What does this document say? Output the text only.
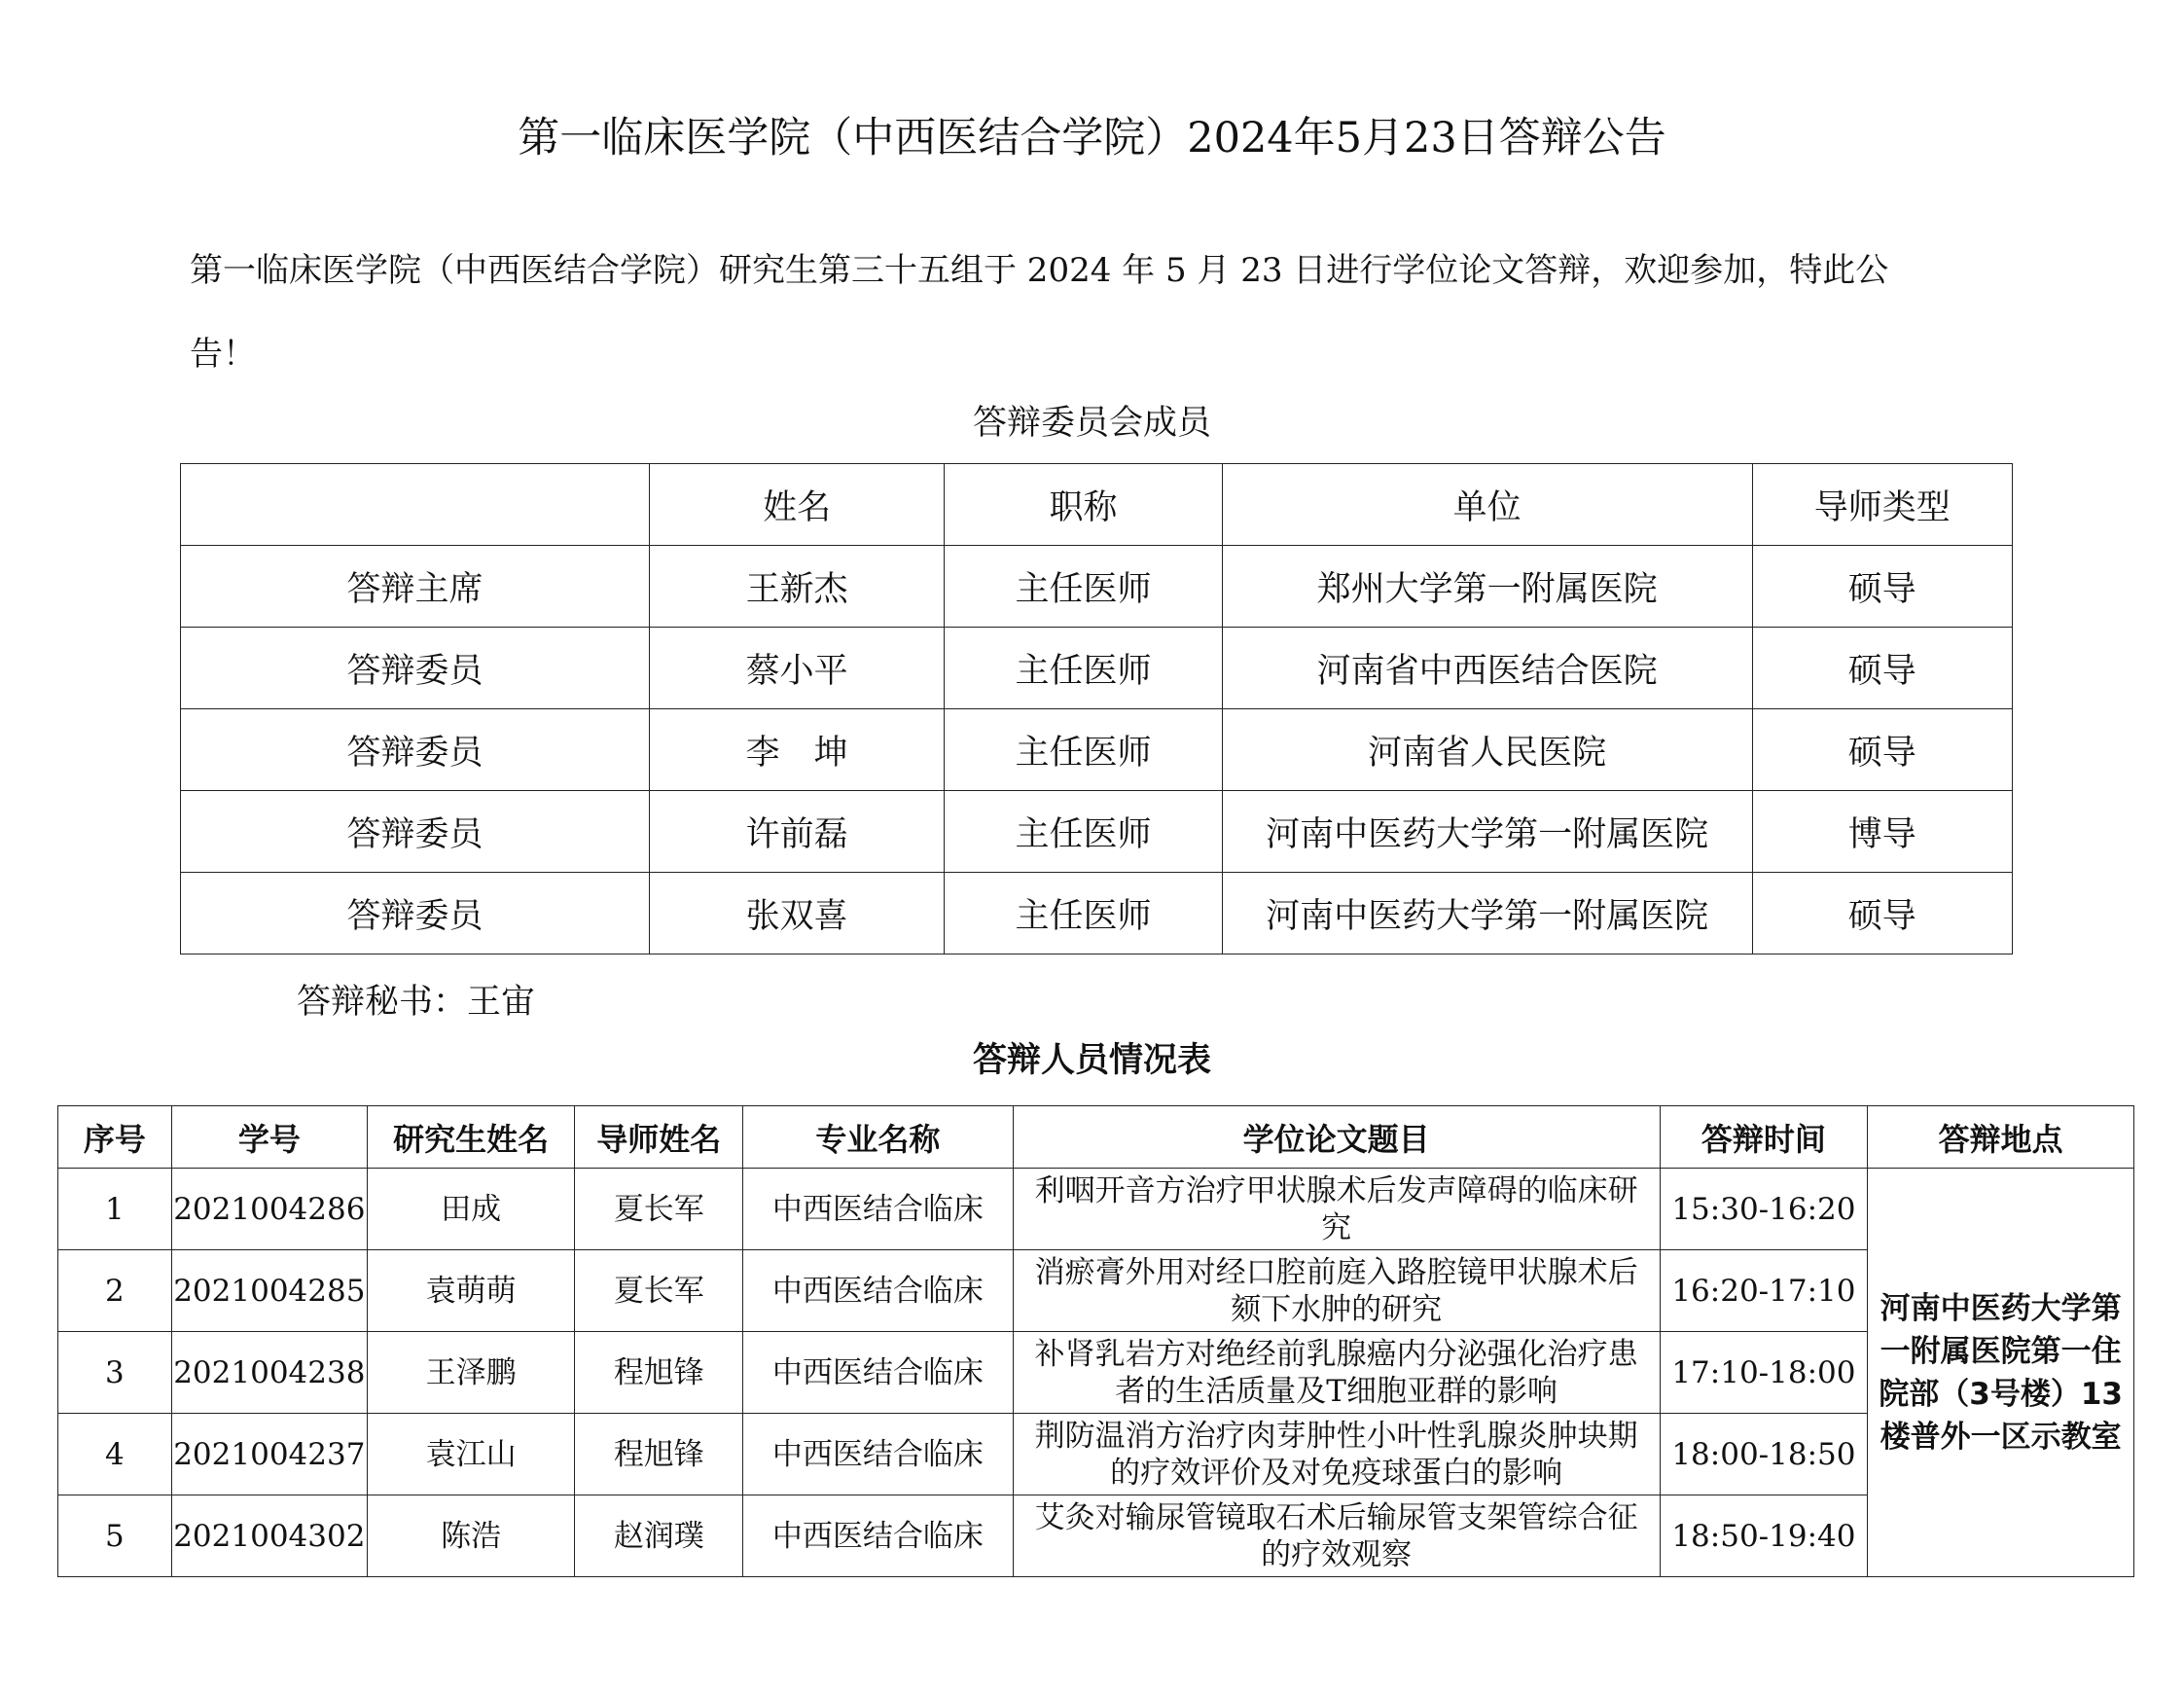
第一临床医学院（中西医结合学院）2024年5月23日答辩公告
第一临床医学院（中西医结合学院）研究生第三十五组于 2024 年 5 月 23 日进行学位论文答辩，欢迎参加，特此公
告！
答辩委员会成员
	姓名	职称	单位	导师类型
答辩主席	王新杰	主任医师	郑州大学第一附属医院	硕导
答辩委员	蔡小平	主任医师	河南省中西医结合医院	硕导
答辩委员	李　坤	主任医师	河南省人民医院	硕导
答辩委员	许前磊	主任医师	河南中医药大学第一附属医院	博导
答辩委员	张双喜	主任医师	河南中医药大学第一附属医院	硕导
答辩秘书：王宙
答辩人员情况表
序号	学号	研究生姓名	导师姓名	专业名称	学位论文题目	答辩时间	答辩地点
1	2021004286	田成	夏长军	中西医结合临床	利咽开音方治疗甲状腺术后发声障碍的临床研究	15:30-16:20	河南中医药大学第一附属医院第一住院部（3号楼）13楼普外一区示教室
2	2021004285	袁萌萌	夏长军	中西医结合临床	消瘀膏外用对经口腔前庭入路腔镜甲状腺术后颏下水肿的研究	16:20-17:10	
3	2021004238	王泽鹏	程旭锋	中西医结合临床	补肾乳岩方对绝经前乳腺癌内分泌强化治疗患者的生活质量及T细胞亚群的影响	17:10-18:00	
4	2021004237	袁江山	程旭锋	中西医结合临床	荆防温消方治疗肉芽肿性小叶性乳腺炎肿块期的疗效评价及对免疫球蛋白的影响	18:00-18:50	
5	2021004302	陈浩	赵润璞	中西医结合临床	艾灸对输尿管镜取石术后输尿管支架管综合征的疗效观察	18:50-19:40	
